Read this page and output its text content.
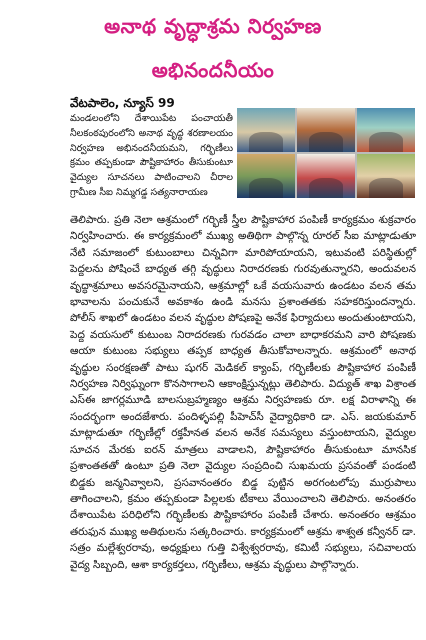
అనాథ వృద్ధాశ్రమ నిర్వహణ
అభినందనీయం
వేటపాలెం, న్యూస్ 99

మండలంలోని దేశాయిపేట పంచాయతీ నీలకంఠపురంలోని అనాథ వృద్ధ శరణాలయం నిర్వహణ అభినందనీయమని, గర్భిణీలు క్రమం తప్పకుండా పౌష్టికాహారం తీసుకుంటూ వైద్యుల సూచనలు పాటించాలని చీరాల గ్రామీణ సీఐ నిమ్మగడ్డ సత్యనారాయణ

తెలిపారు. ప్రతి నెలా ఆశ్రమంలో గర్భిణీ స్త్రీల పౌష్టికాహార పంపిణీ కార్యక్రమం శుక్రవారం నిర్వహించారు. ఈ కార్యక్రమంలో ముఖ్య అతిథిగా పాల్గొన్న రూరల్ సీఐ మాట్లాడుతూ నేటి సమాజంలో కుటుంబాలు చిన్నవిగా మారిపోయాయని, ఇటువంటి పరిస్థితుల్లో పెద్దలను పోషించే బాధ్యత తగ్గి వృద్ధులు నిరాదరణకు గురవుతున్నారని, అందువలన వృద్ధాశ్రమాలు అవసరమైనాయని, ఆశ్రమాల్లో ఒకే వయసువారు ఉండటం వలన తమ భావాలను పంచుకునే అవకాశం ఉండి మనసు ప్రశాంతతకు సహకరిస్తుందన్నారు. పోలీస్ శాఖలో ఉండటం వలన వృద్ధుల పోషణపై అనేక ఫిర్యాదులు అందుతుంటాయని, పెద్ద వయసులో కుటుంబ నిరాదరణకు గురవడం చాలా బాధాకరమని వారి పోషణకు ఆయా కుటుంబ సభ్యులు తప్పక బాధ్యత తీసుకోవాలన్నారు. ఆశ్రమంలో అనాథ వృద్ధుల సంరక్షణతో పాటు షుగర్ మెడికల్ క్యాంప్, గర్భిణీలకు పౌష్టికాహార పంపిణీ నిర్వహణ నిర్విఘ్నంగా కొనసాగాలని ఆకాంక్షిస్తున్నట్లు తెలిపారు. విద్యుత్ శాఖ విశ్రాంత ఎస్ఈ జాగర్లమూడి బాలసుబ్రహ్మణ్యం ఆశ్రమ నిర్వహణకు రూ. లక్ష విరాళాన్ని ఈ సందర్భంగా అందజేశారు. పందిళ్ళపల్లి పీహెచ్‌సీ వైద్యాధికారి డా. ఎస్. జయకుమార్ మాట్లాడుతూ గర్భిణీల్లో రక్తహీనత వలన అనేక సమస్యలు వస్తుంటాయని, వైద్యుల సూచన మేరకు ఐరన్ మాత్రలు వాడాలని, పౌష్టికాహారం తీసుకుంటూ మానసిక ప్రశాంతతతో ఉంటూ ప్రతి నెలా వైద్యుల సంప్రదించి సుఖమయ ప్రసవంతో పండంటి బిడ్డకు జన్మనివ్వాలని, ప్రసవానంతరం బిడ్డ పుట్టిన అరగంటలోపు ముర్రుపాలు తాగించాలని, క్రమం తప్పకుండా పిల్లలకు టీకాలు వేయించాలని తెలిపారు. అనంతరం దేశాయిపేట పరిధిలోని గర్భిణీలకు పౌష్టికాహారం పంపిణీ చేశారు. అనంతరం ఆశ్రమం తరుఫున ముఖ్య అతిథులను సత్కరించారు. కార్యక్రమంలో ఆశ్రమ శాశ్వత కన్వీనర్ డా. సత్రం మల్లేశ్వరరావు, అధ్యక్షులు గుత్తి విశ్వేశ్వరరావు, కమిటీ సభ్యులు, సచివాలయ వైద్య సిబ్బంది, ఆశా కార్యకర్తలు, గర్భిణీలు, ఆశ్రమ వృద్ధులు పాల్గొన్నారు.
